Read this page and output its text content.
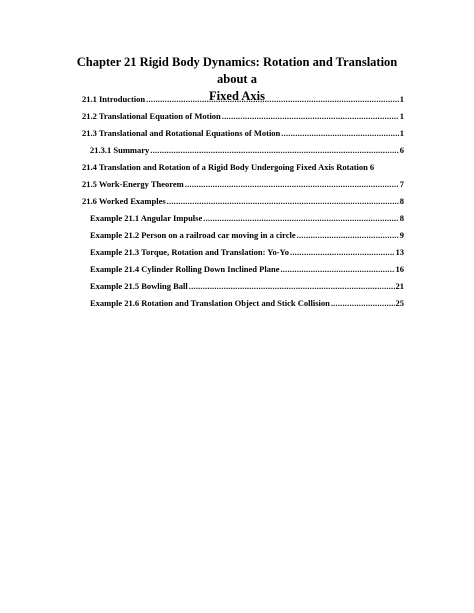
Chapter 21 Rigid Body Dynamics: Rotation and Translation about a
Fixed Axis
21.1 Introduction .....	1
21.2 Translational Equation of Motion .....	1
21.3 Translational and Rotational Equations of Motion .....	1
21.3.1 Summary .....	6
21.4 Translation and Rotation of a Rigid Body Undergoing Fixed Axis Rotation 6
21.5 Work-Energy Theorem .....	7
21.6 Worked Examples .....	8
Example 21.1 Angular Impulse .....	8
Example 21.2 Person on a railroad car moving in a circle .....	9
Example 21.3 Torque, Rotation and Translation: Yo-Yo .....	13
Example 21.4 Cylinder Rolling Down Inclined Plane .....	16
Example 21.5 Bowling Ball .....	21
Example 21.6 Rotation and Translation Object and Stick Collision .....	25
